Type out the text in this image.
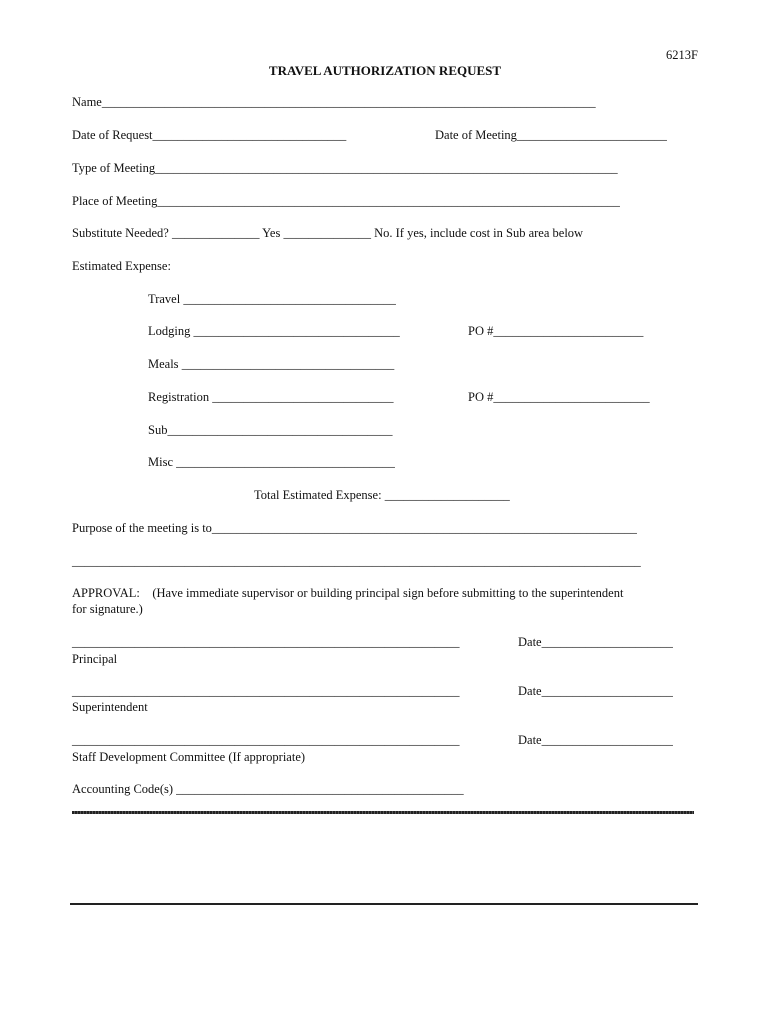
6213F
TRAVEL AUTHORIZATION REQUEST
Name_______________________________________________________________________________
Date of Request_______________________________	Date of Meeting________________________
Type of Meeting__________________________________________________________________________
Place of Meeting__________________________________________________________________________
Substitute Needed? ______________ Yes ______________ No. If yes, include cost in Sub area below
Estimated Expense:
Travel __________________________________
Lodging _________________________________	PO #________________________
Meals __________________________________
Registration _____________________________	PO #_________________________
Sub____________________________________
Misc ___________________________________
Total Estimated Expense: ____________________
Purpose of the meeting is to____________________________________________________________________
___________________________________________________________________________________________
APPROVAL: (Have immediate supervisor or building principal sign before submitting to the superintendent
for signature.)
______________________________________________________________	Date_____________________
Principal
______________________________________________________________	Date_____________________
Superintendent
______________________________________________________________	Date_____________________
Staff Development Committee (If appropriate)
Accounting Code(s) ______________________________________________
